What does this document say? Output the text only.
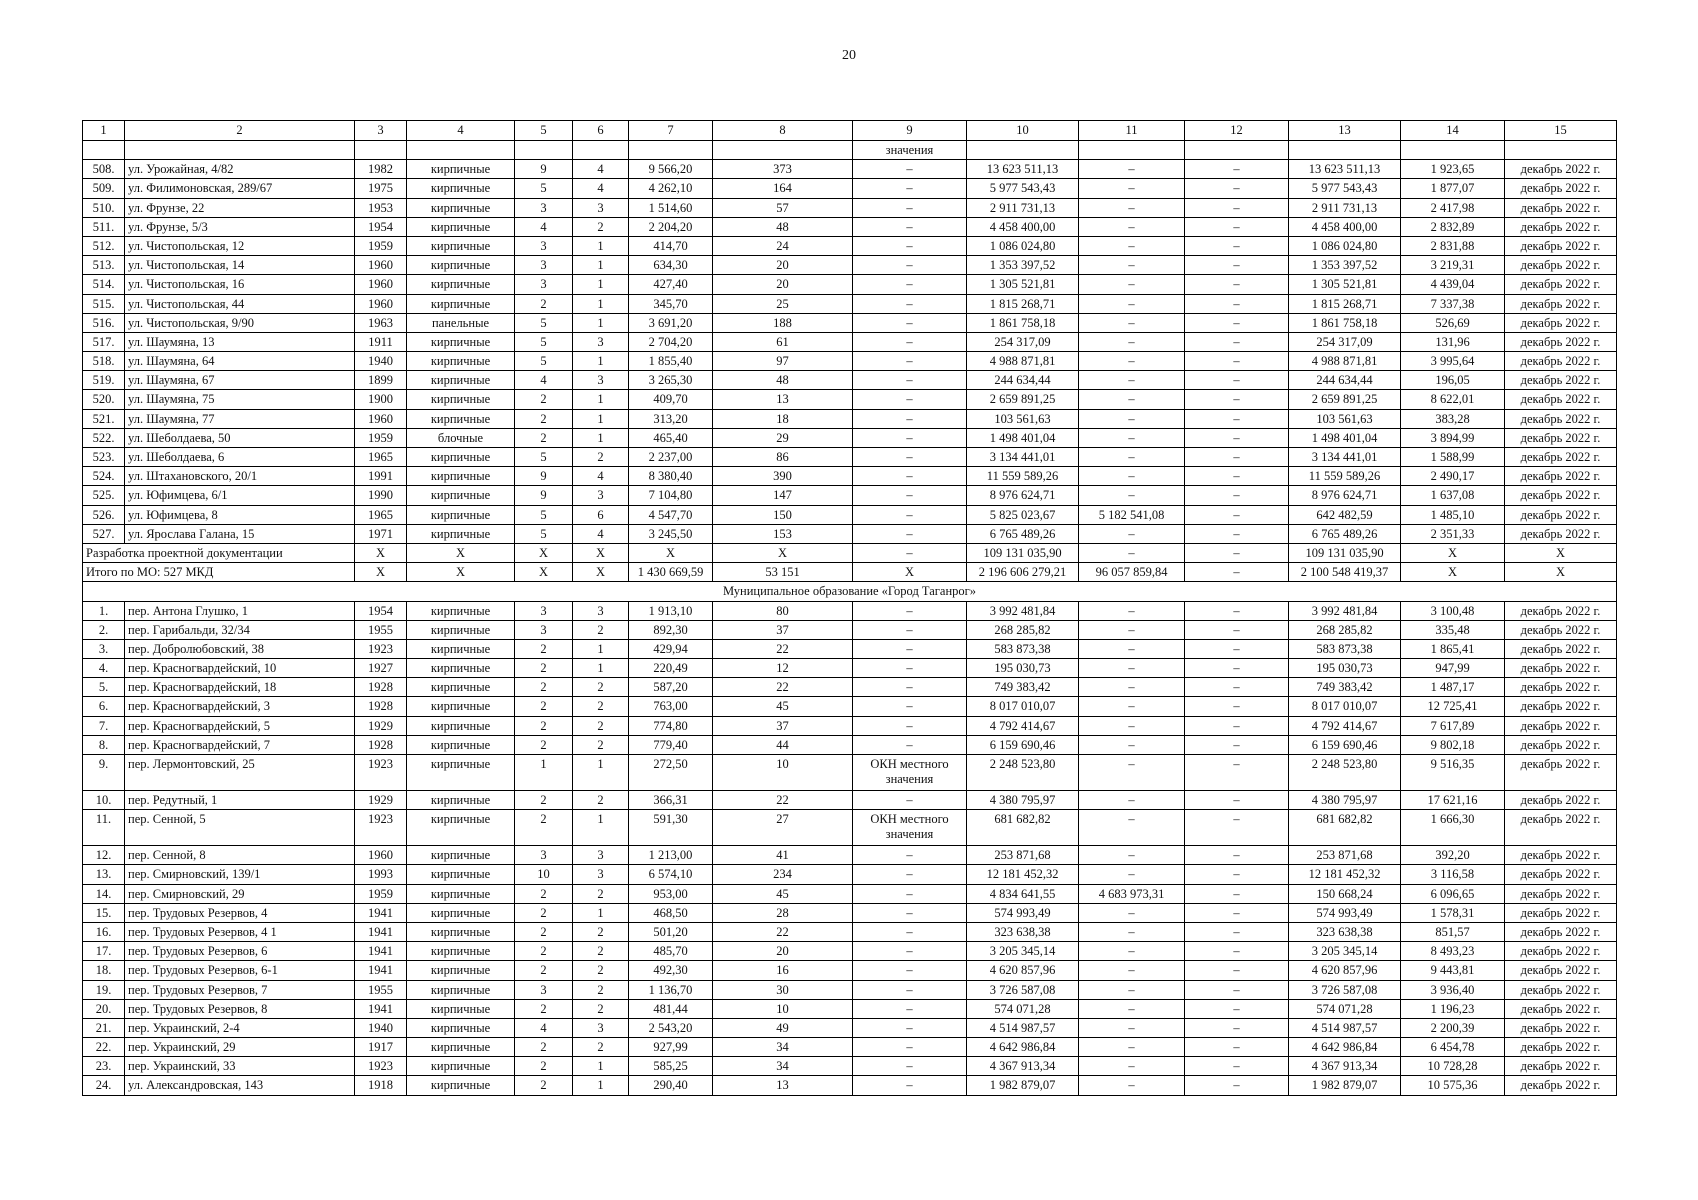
20
1	2	3	4	5	6	7	8	9	10	11	12	13	14	15
								значения						
508.	ул. Урожайная, 4/82	1982	кирпичные	9	4	9 566,20	373	–	13 623 511,13	–	–	13 623 511,13	1 923,65	декабрь 2022 г.
509.	ул. Филимоновская, 289/67	1975	кирпичные	5	4	4 262,10	164	–	5 977 543,43	–	–	5 977 543,43	1 877,07	декабрь 2022 г.
510.	ул. Фрунзе, 22	1953	кирпичные	3	3	1 514,60	57	–	2 911 731,13	–	–	2 911 731,13	2 417,98	декабрь 2022 г.
511.	ул. Фрунзе, 5/3	1954	кирпичные	4	2	2 204,20	48	–	4 458 400,00	–	–	4 458 400,00	2 832,89	декабрь 2022 г.
512.	ул. Чистопольская, 12	1959	кирпичные	3	1	414,70	24	–	1 086 024,80	–	–	1 086 024,80	2 831,88	декабрь 2022 г.
513.	ул. Чистопольская, 14	1960	кирпичные	3	1	634,30	20	–	1 353 397,52	–	–	1 353 397,52	3 219,31	декабрь 2022 г.
514.	ул. Чистопольская, 16	1960	кирпичные	3	1	427,40	20	–	1 305 521,81	–	–	1 305 521,81	4 439,04	декабрь 2022 г.
515.	ул. Чистопольская, 44	1960	кирпичные	2	1	345,70	25	–	1 815 268,71	–	–	1 815 268,71	7 337,38	декабрь 2022 г.
516.	ул. Чистопольская, 9/90	1963	панельные	5	1	3 691,20	188	–	1 861 758,18	–	–	1 861 758,18	526,69	декабрь 2022 г.
517.	ул. Шаумяна, 13	1911	кирпичные	5	3	2 704,20	61	–	254 317,09	–	–	254 317,09	131,96	декабрь 2022 г.
518.	ул. Шаумяна, 64	1940	кирпичные	5	1	1 855,40	97	–	4 988 871,81	–	–	4 988 871,81	3 995,64	декабрь 2022 г.
519.	ул. Шаумяна, 67	1899	кирпичные	4	3	3 265,30	48	–	244 634,44	–	–	244 634,44	196,05	декабрь 2022 г.
520.	ул. Шаумяна, 75	1900	кирпичные	2	1	409,70	13	–	2 659 891,25	–	–	2 659 891,25	8 622,01	декабрь 2022 г.
521.	ул. Шаумяна, 77	1960	кирпичные	2	1	313,20	18	–	103 561,63	–	–	103 561,63	383,28	декабрь 2022 г.
522.	ул. Шеболдаева, 50	1959	блочные	2	1	465,40	29	–	1 498 401,04	–	–	1 498 401,04	3 894,99	декабрь 2022 г.
523.	ул. Шеболдаева, 6	1965	кирпичные	5	2	2 237,00	86	–	3 134 441,01	–	–	3 134 441,01	1 588,99	декабрь 2022 г.
524.	ул. Штахановского, 20/1	1991	кирпичные	9	4	8 380,40	390	–	11 559 589,26	–	–	11 559 589,26	2 490,17	декабрь 2022 г.
525.	ул. Юфимцева, 6/1	1990	кирпичные	9	3	7 104,80	147	–	8 976 624,71	–	–	8 976 624,71	1 637,08	декабрь 2022 г.
526.	ул. Юфимцева, 8	1965	кирпичные	5	6	4 547,70	150	–	5 825 023,67	5 182 541,08	–	642 482,59	1 485,10	декабрь 2022 г.
527.	ул. Ярослава Галана, 15	1971	кирпичные	5	4	3 245,50	153	–	6 765 489,26	–	–	6 765 489,26	2 351,33	декабрь 2022 г.
Разработка проектной документации		X	X	X	X	X	X	–	109 131 035,90	–	–	109 131 035,90	X	X
Итого по МО: 527 МКД		X	X	X	X	1 430 669,59	53 151	X	2 196 606 279,21	96 057 859,84	–	2 100 548 419,37	X	X
Муниципальное образование «Город Таганрог»														
1.	пер. Антона Глушко, 1	1954	кирпичные	3	3	1 913,10	80	–	3 992 481,84	–	–	3 992 481,84	3 100,48	декабрь 2022 г.
2.	пер. Гарибальди, 32/34	1955	кирпичные	3	2	892,30	37	–	268 285,82	–	–	268 285,82	335,48	декабрь 2022 г.
3.	пер. Добролюбовский, 38	1923	кирпичные	2	1	429,94	22	–	583 873,38	–	–	583 873,38	1 865,41	декабрь 2022 г.
4.	пер. Красногвардейский, 10	1927	кирпичные	2	1	220,49	12	–	195 030,73	–	–	195 030,73	947,99	декабрь 2022 г.
5.	пер. Красногвардейский, 18	1928	кирпичные	2	2	587,20	22	–	749 383,42	–	–	749 383,42	1 487,17	декабрь 2022 г.
6.	пер. Красногвардейский, 3	1928	кирпичные	2	2	763,00	45	–	8 017 010,07	–	–	8 017 010,07	12 725,41	декабрь 2022 г.
7.	пер. Красногвардейский, 5	1929	кирпичные	2	2	774,80	37	–	4 792 414,67	–	–	4 792 414,67	7 617,89	декабрь 2022 г.
8.	пер. Красногвардейский, 7	1928	кирпичные	2	2	779,40	44	–	6 159 690,46	–	–	6 159 690,46	9 802,18	декабрь 2022 г.
9.	пер. Лермонтовский, 25	1923	кирпичные	1	1	272,50	10	ОКН местного значения	2 248 523,80	–	–	2 248 523,80	9 516,35	декабрь 2022 г.
10.	пер. Редутный, 1	1929	кирпичные	2	2	366,31	22	–	4 380 795,97	–	–	4 380 795,97	17 621,16	декабрь 2022 г.
11.	пер. Сенной, 5	1923	кирпичные	2	1	591,30	27	ОКН местного значения	681 682,82	–	–	681 682,82	1 666,30	декабрь 2022 г.
12.	пер. Сенной, 8	1960	кирпичные	3	3	1 213,00	41	–	253 871,68	–	–	253 871,68	392,20	декабрь 2022 г.
13.	пер. Смирновский, 139/1	1993	кирпичные	10	3	6 574,10	234	–	12 181 452,32	–	–	12 181 452,32	3 116,58	декабрь 2022 г.
14.	пер. Смирновский, 29	1959	кирпичные	2	2	953,00	45	–	4 834 641,55	4 683 973,31	–	150 668,24	6 096,65	декабрь 2022 г.
15.	пер. Трудовых Резервов, 4	1941	кирпичные	2	1	468,50	28	–	574 993,49	–	–	574 993,49	1 578,31	декабрь 2022 г.
16.	пер. Трудовых Резервов, 4 1	1941	кирпичные	2	2	501,20	22	–	323 638,38	–	–	323 638,38	851,57	декабрь 2022 г.
17.	пер. Трудовых Резервов, 6	1941	кирпичные	2	2	485,70	20	–	3 205 345,14	–	–	3 205 345,14	8 493,23	декабрь 2022 г.
18.	пер. Трудовых Резервов, 6-1	1941	кирпичные	2	2	492,30	16	–	4 620 857,96	–	–	4 620 857,96	9 443,81	декабрь 2022 г.
19.	пер. Трудовых Резервов, 7	1955	кирпичные	3	2	1 136,70	30	–	3 726 587,08	–	–	3 726 587,08	3 936,40	декабрь 2022 г.
20.	пер. Трудовых Резервов, 8	1941	кирпичные	2	2	481,44	10	–	574 071,28	–	–	574 071,28	1 196,23	декабрь 2022 г.
21.	пер. Украинский, 2-4	1940	кирпичные	4	3	2 543,20	49	–	4 514 987,57	–	–	4 514 987,57	2 200,39	декабрь 2022 г.
22.	пер. Украинский, 29	1917	кирпичные	2	2	927,99	34	–	4 642 986,84	–	–	4 642 986,84	6 454,78	декабрь 2022 г.
23.	пер. Украинский, 33	1923	кирпичные	2	1	585,25	34	–	4 367 913,34	–	–	4 367 913,34	10 728,28	декабрь 2022 г.
24.	ул. Александровская, 143	1918	кирпичные	2	1	290,40	13	–	1 982 879,07	–	–	1 982 879,07	10 575,36	декабрь 2022 г.
